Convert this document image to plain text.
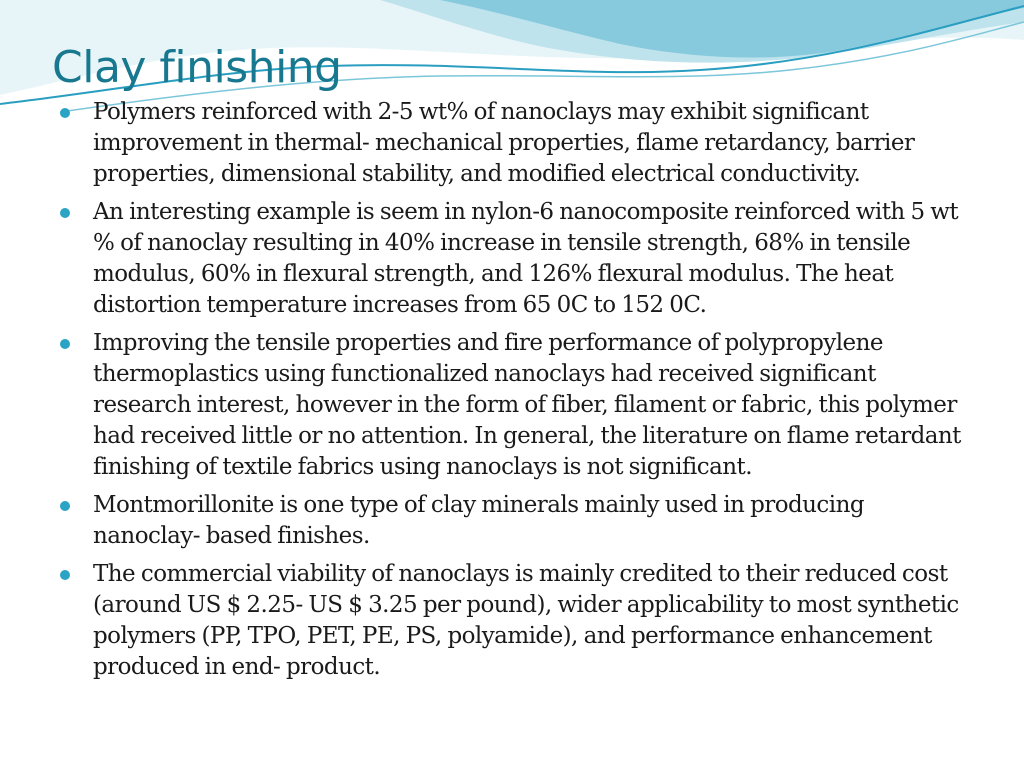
Clay finishing
Polymers reinforced with 2-5 wt% of nanoclays may exhibit significant improvement in thermal- mechanical properties, flame retardancy, barrier properties, dimensional stability, and modified electrical conductivity.
An interesting example is seem in nylon-6 nanocomposite reinforced with 5 wt % of nanoclay resulting in 40% increase in tensile strength, 68% in tensile modulus, 60% in flexural strength, and 126% flexural modulus. The heat distortion temperature increases from 65 0C to 152 0C.
Improving the tensile properties and fire performance of polypropylene thermoplastics using functionalized nanoclays had received significant research interest, however in the form of fiber, filament or fabric, this polymer had received little or no attention. In general, the literature on flame retardant finishing of textile fabrics using nanoclays is not significant.
Montmorillonite is one type of clay minerals mainly used in producing nanoclay- based finishes.
The commercial viability of nanoclays is mainly credited to their reduced cost (around US $ 2.25- US $ 3.25 per pound), wider applicability to most synthetic polymers (PP, TPO, PET, PE, PS, polyamide), and performance enhancement produced in end- product.
